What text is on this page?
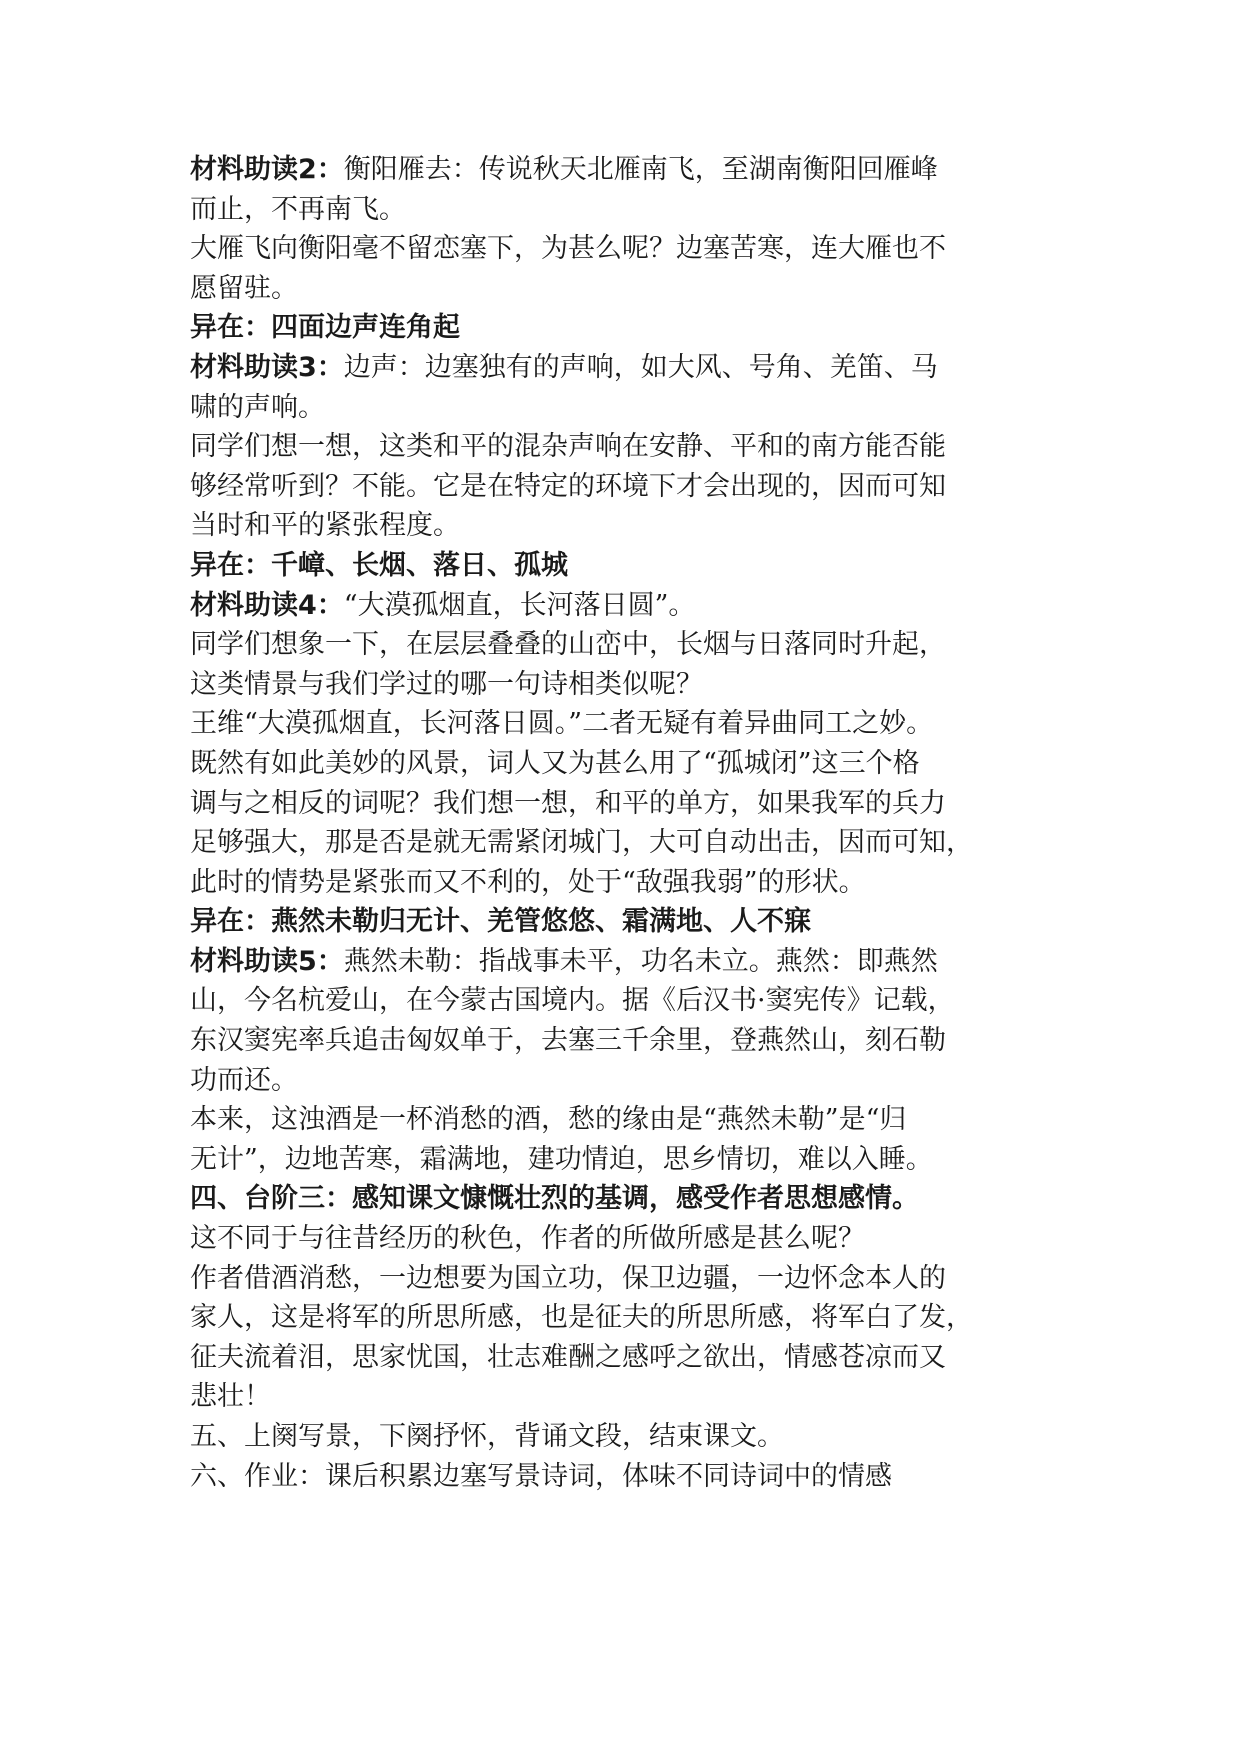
材料助读2：衡阳雁去：传说秋天北雁南飞，至湖南衡阳回雁峰
而止，不再南飞。
大雁飞向衡阳毫不留恋塞下，为甚么呢？边塞苦寒，连大雁也不
愿留驻。
异在：四面边声连角起
材料助读3：边声：边塞独有的声响，如大风、号角、羌笛、马
啸的声响。
同学们想一想，这类和平的混杂声响在安静、平和的南方能否能
够经常听到？不能。它是在特定的环境下才会出现的，因而可知
当时和平的紧张程度。
异在：千嶂、长烟、落日、孤城
材料助读4：“大漠孤烟直，长河落日圆”。
同学们想象一下，在层层叠叠的山峦中，长烟与日落同时升起，
这类情景与我们学过的哪一句诗相类似呢？
王维“大漠孤烟直，长河落日圆。”二者无疑有着异曲同工之妙。
既然有如此美妙的风景，词人又为甚么用了“孤城闭”这三个格
调与之相反的词呢？我们想一想，和平的单方，如果我军的兵力
足够强大，那是否是就无需紧闭城门，大可自动出击，因而可知，
此时的情势是紧张而又不利的，处于“敌强我弱”的形状。
异在：燕然未勒归无计、羌管悠悠、霜满地、人不寐
材料助读5：燕然未勒：指战事未平，功名未立。燕然：即燕然
山，今名杭爱山，在今蒙古国境内。据《后汉书·窦宪传》记载，
东汉窦宪率兵追击匈奴单于，去塞三千余里，登燕然山，刻石勒
功而还。
本来，这浊酒是一杯消愁的酒，愁的缘由是“燕然未勒”是“归
无计”，边地苦寒，霜满地，建功情迫，思乡情切，难以入睡。
四、台阶三：感知课文慷慨壮烈的基调，感受作者思想感情。
这不同于与往昔经历的秋色，作者的所做所感是甚么呢？
作者借酒消愁，一边想要为国立功，保卫边疆，一边怀念本人的
家人，这是将军的所思所感，也是征夫的所思所感，将军白了发，
征夫流着泪，思家忧国，壮志难酬之感呼之欲出，情感苍凉而又
悲壮！
五、上阕写景，下阕抒怀，背诵文段，结束课文。
六、作业：课后积累边塞写景诗词，体味不同诗词中的情感
